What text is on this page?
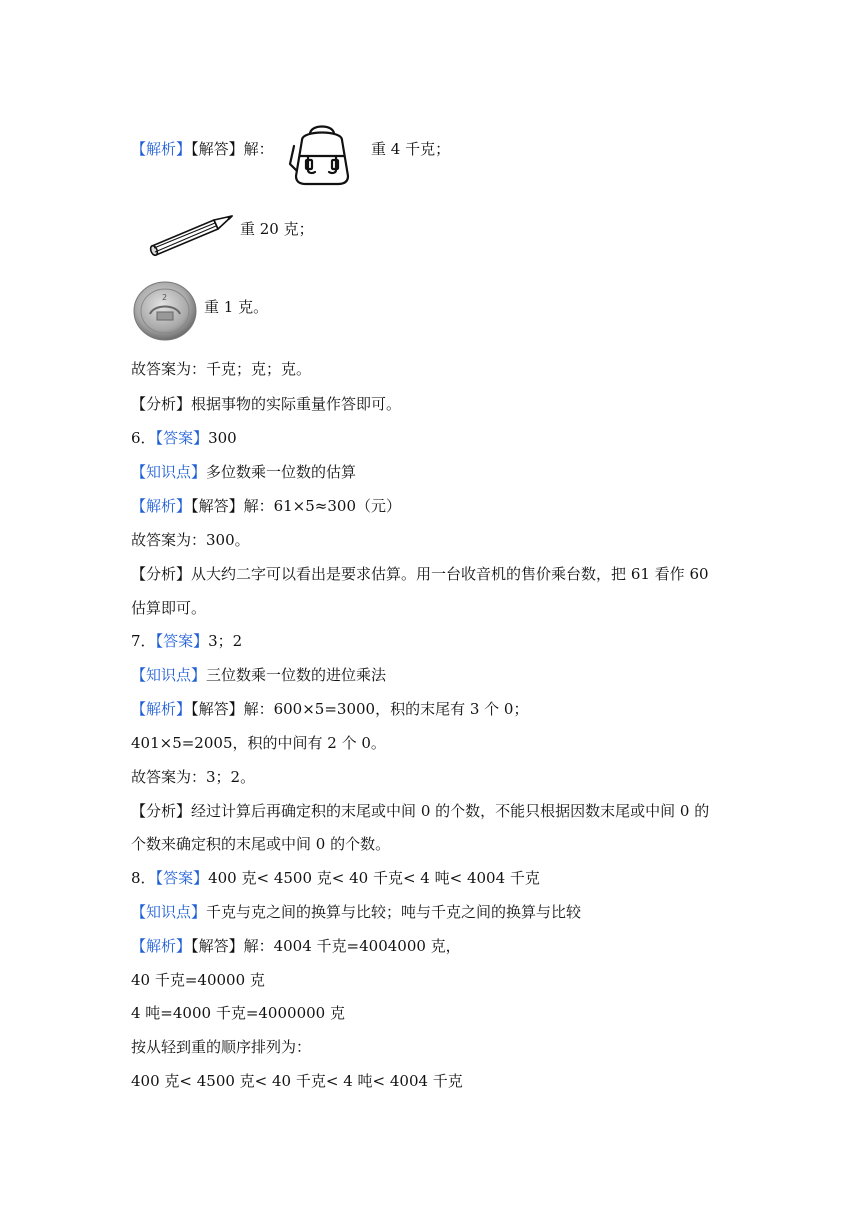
【解析】【解答】解：	重 4 千克；
重 20 克；
2
重 1 克。
故答案为：千克；克；克。
【分析】根据事物的实际重量作答即可。
6．【答案】300
【知识点】多位数乘一位数的估算
【解析】【解答】解：61×5≈300（元）
故答案为：300。
【分析】从大约二字可以看出是要求估算。用一台收音机的售价乘台数，把 61 看作 60
估算即可。
7．【答案】3；2
【知识点】三位数乘一位数的进位乘法
【解析】【解答】解：600×5=3000，积的末尾有 3 个 0；
401×5=2005，积的中间有 2 个 0。
故答案为：3；2。
【分析】经过计算后再确定积的末尾或中间 0 的个数，不能只根据因数末尾或中间 0 的
个数来确定积的末尾或中间 0 的个数。
8．【答案】400 克< 4500 克< 40 千克< 4 吨< 4004 千克
【知识点】千克与克之间的换算与比较；吨与千克之间的换算与比较
【解析】【解答】解：4004 千克=4004000 克，
40 千克=40000 克
4 吨=4000 千克=4000000 克
按从轻到重的顺序排列为：
400 克< 4500 克< 40 千克< 4 吨< 4004 千克
